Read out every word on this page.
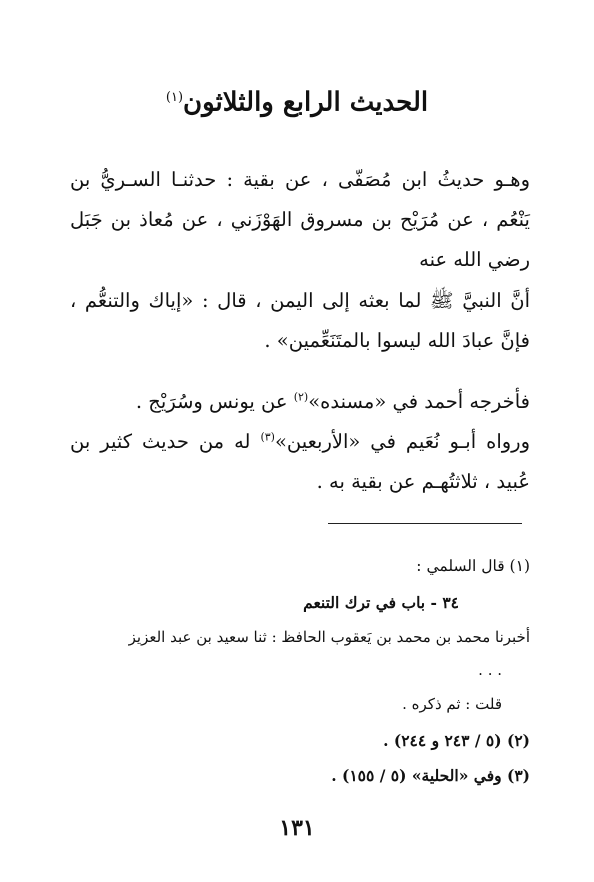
الحديث الرابع والثلاثون$^{(١)}$
وهـو حديثُ ابن مُصَفّى ، عن بقية : حدثنـا السـريُّ بن يَنْعُم ، عن مُرَيْح بن مسروق الهَوْزَني ، عن مُعاذ بن جَبَل رضي الله عنه
أنَّ النبيَّ ﷺ لما بعثه إلى اليمن ، قال : «إياك والتنعُّم ، فإنَّ عبادَ الله ليسوا بالمتَنَعِّمين» .
فأخرجه أحمد في «مسنده»$^{(٢)}$ عن يونس وسُرَيْج .
ورواه أبـو نُعَيم في «الأربعين»$^{(٣)}$ له من حديث كثير بن عُبيد ، ثلاثتُهـم عن بقية به .
(١) قال السلمي :
٣٤ - باب في ترك التنعم
أخبرنا محمد بن محمد بن يَعقوب الحافظ : ثنا سعيد بن عبد العزيز
. . .
قلت : ثم ذكره .
(٢) (٥ / ٢٤٣ و ٢٤٤) .
(٣) وفي «الحلية» (٥ / ١٥٥) .
١٣١
